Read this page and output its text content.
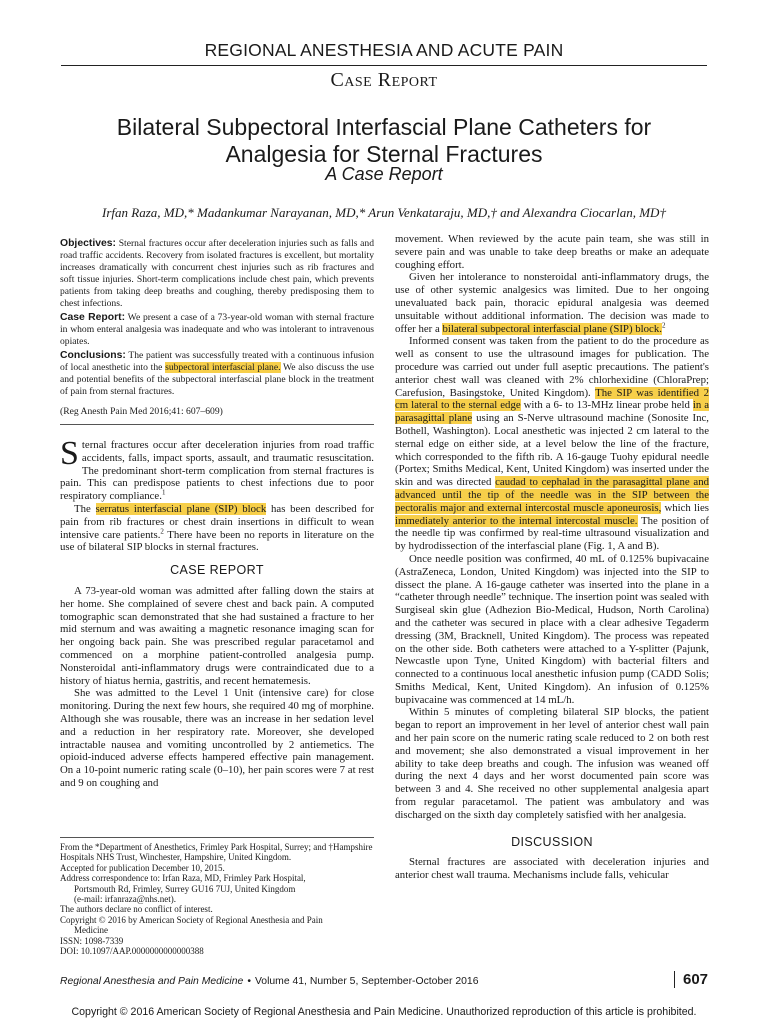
REGIONAL ANESTHESIA AND ACUTE PAIN
Case Report
Bilateral Subpectoral Interfascial Plane Catheters for
Analgesia for Sternal Fractures
A Case Report
Irfan Raza, MD,* Madankumar Narayanan, MD,* Arun Venkataraju, MD,† and Alexandra Ciocarlan, MD†

Objectives: Sternal fractures occur after deceleration injuries such as falls and road traffic accidents. Recovery from isolated fractures is excellent, but mortality increases dramatically with concurrent chest injuries such as rib fractures and soft tissue injuries. Short-term complications include chest pain, which prevents patients from taking deep breaths and coughing, thereby predisposing them to chest infections.

Case Report: We present a case of a 73-year-old woman with sternal fracture in whom enteral analgesia was inadequate and who was intolerant to intravenous opiates.

Conclusions: The patient was successfully treated with a continuous infusion of local anesthetic into the subpectoral interfascial plane. We also discuss the use and potential benefits of the subpectoral interfascial plane block in the treatment of pain from sternal fractures.

(Reg Anesth Pain Med 2016;41: 607–609)

Sternal fractures occur after deceleration injuries from road traffic accidents, falls, impact sports, assault, and traumatic resuscitation. The predominant short-term complication from sternal fractures is pain. This can predispose patients to chest infections due to poor respiratory compliance.$^1$

The serratus interfascial plane (SIP) block has been described for pain from rib fractures or chest drain insertions in difficult to wean intensive care patients.$^2$ There have been no reports in literature on the use of bilateral SIP blocks in sternal fractures.

CASE REPORT

A 73-year-old woman was admitted after falling down the stairs at her home. She complained of severe chest and back pain. A computed tomographic scan demonstrated that she had sustained a fracture to her mid sternum and was awaiting a magnetic resonance imaging scan for her ongoing back pain. She was prescribed regular paracetamol and commenced on a morphine patient-controlled analgesia pump. Nonsteroidal anti-inflammatory drugs were contraindicated due to a history of hiatus hernia, gastritis, and recent hematemesis.

She was admitted to the Level 1 Unit (intensive care) for close monitoring. During the next few hours, she required 40 mg of morphine. Although she was rousable, there was an increase in her sedation level and a reduction in her respiratory rate. Moreover, she developed intractable nausea and vomiting uncontrolled by 2 antiemetics. The opioid-induced adverse effects hampered effective pain management. On a 10-point numeric rating scale (0–10), her pain scores were 7 at rest and 9 on coughing and

From the *Department of Anesthetics, Frimley Park Hospital, Surrey; and †Hampshire Hospitals NHS Trust, Winchester, Hampshire, United Kingdom.
Accepted for publication December 10, 2015.
Address correspondence to: Irfan Raza, MD, Frimley Park Hospital,
Portsmouth Rd, Frimley, Surrey GU16 7UJ, United Kingdom
(e-mail: irfanraza@nhs.net).
The authors declare no conflict of interest.
Copyright © 2016 by American Society of Regional Anesthesia and Pain
Medicine
ISSN: 1098-7339
DOI: 10.1097/AAP.0000000000000388

movement. When reviewed by the acute pain team, she was still in severe pain and was unable to take deep breaths or make an adequate coughing effort.

Given her intolerance to nonsteroidal anti-inflammatory drugs, the use of other systemic analgesics was limited. Due to her ongoing unevaluated back pain, thoracic epidural analgesia was deemed unsuitable without additional information. The decision was made to offer her a bilateral subpectoral interfascial plane (SIP) block.$^2$

Informed consent was taken from the patient to do the procedure as well as consent to use the ultrasound images for publication. The procedure was carried out under full aseptic precautions. The patient's anterior chest wall was cleaned with 2% chlorhexidine (ChloraPrep; Carefusion, Basingstoke, United Kingdom). The SIP was identified 2 cm lateral to the sternal edge with a 6- to 13-MHz linear probe held in a parasagittal plane using an S-Nerve ultrasound machine (Sonosite Inc, Bothell, Washington). Local anesthetic was injected 2 cm lateral to the sternal edge on either side, at a level below the line of the fracture, which corresponded to the fifth rib. A 16-gauge Tuohy epidural needle (Portex; Smiths Medical, Kent, United Kingdom) was inserted under the skin and was directed caudad to cephalad in the parasagittal plane and advanced until the tip of the needle was in the SIP between the pectoralis major and external intercostal muscle aponeurosis, which lies immediately anterior to the internal intercostal muscle. The position of the needle tip was confirmed by real-time ultrasound visualization and by hydrodissection of the interfascial plane (Fig. 1, A and B).

Once needle position was confirmed, 40 mL of 0.125% bupivacaine (AstraZeneca, London, United Kingdom) was injected into the SIP to dissect the plane. A 16-gauge catheter was inserted into the plane in a “catheter through needle” technique. The insertion point was sealed with Surgiseal skin glue (Adhezion Bio-Medical, Hudson, North Carolina) and the catheter was secured in place with a clear adhesive Tegaderm dressing (3M, Bracknell, United Kingdom). The process was repeated on the other side. Both catheters were attached to a Y-splitter (Pajunk, Newcastle upon Tyne, United Kingdom) with bacterial filters and connected to a continuous local anesthetic infusion pump (CADD Solis; Smiths Medical, Kent, United Kingdom). An infusion of 0.125% bupivacaine was commenced at 14 mL/h.

Within 5 minutes of completing bilateral SIP blocks, the patient began to report an improvement in her level of anterior chest wall pain and her pain score on the numeric rating scale reduced to 2 on both rest and movement; she also demonstrated a visual improvement in her ability to take deep breaths and cough. The infusion was weaned off during the next 4 days and her worst documented pain score was between 3 and 4. She received no other supplemental analgesia apart from regular paracetamol. The patient was ambulatory and was discharged on the sixth day completely satisfied with her analgesia.

DISCUSSION

Sternal fractures are associated with deceleration injuries and anterior chest wall trauma. Mechanisms include falls, vehicular

Regional Anesthesia and Pain Medicine • Volume 41, Number 5, September-October 2016	607
Copyright © 2016 American Society of Regional Anesthesia and Pain Medicine. Unauthorized reproduction of this article is prohibited.
